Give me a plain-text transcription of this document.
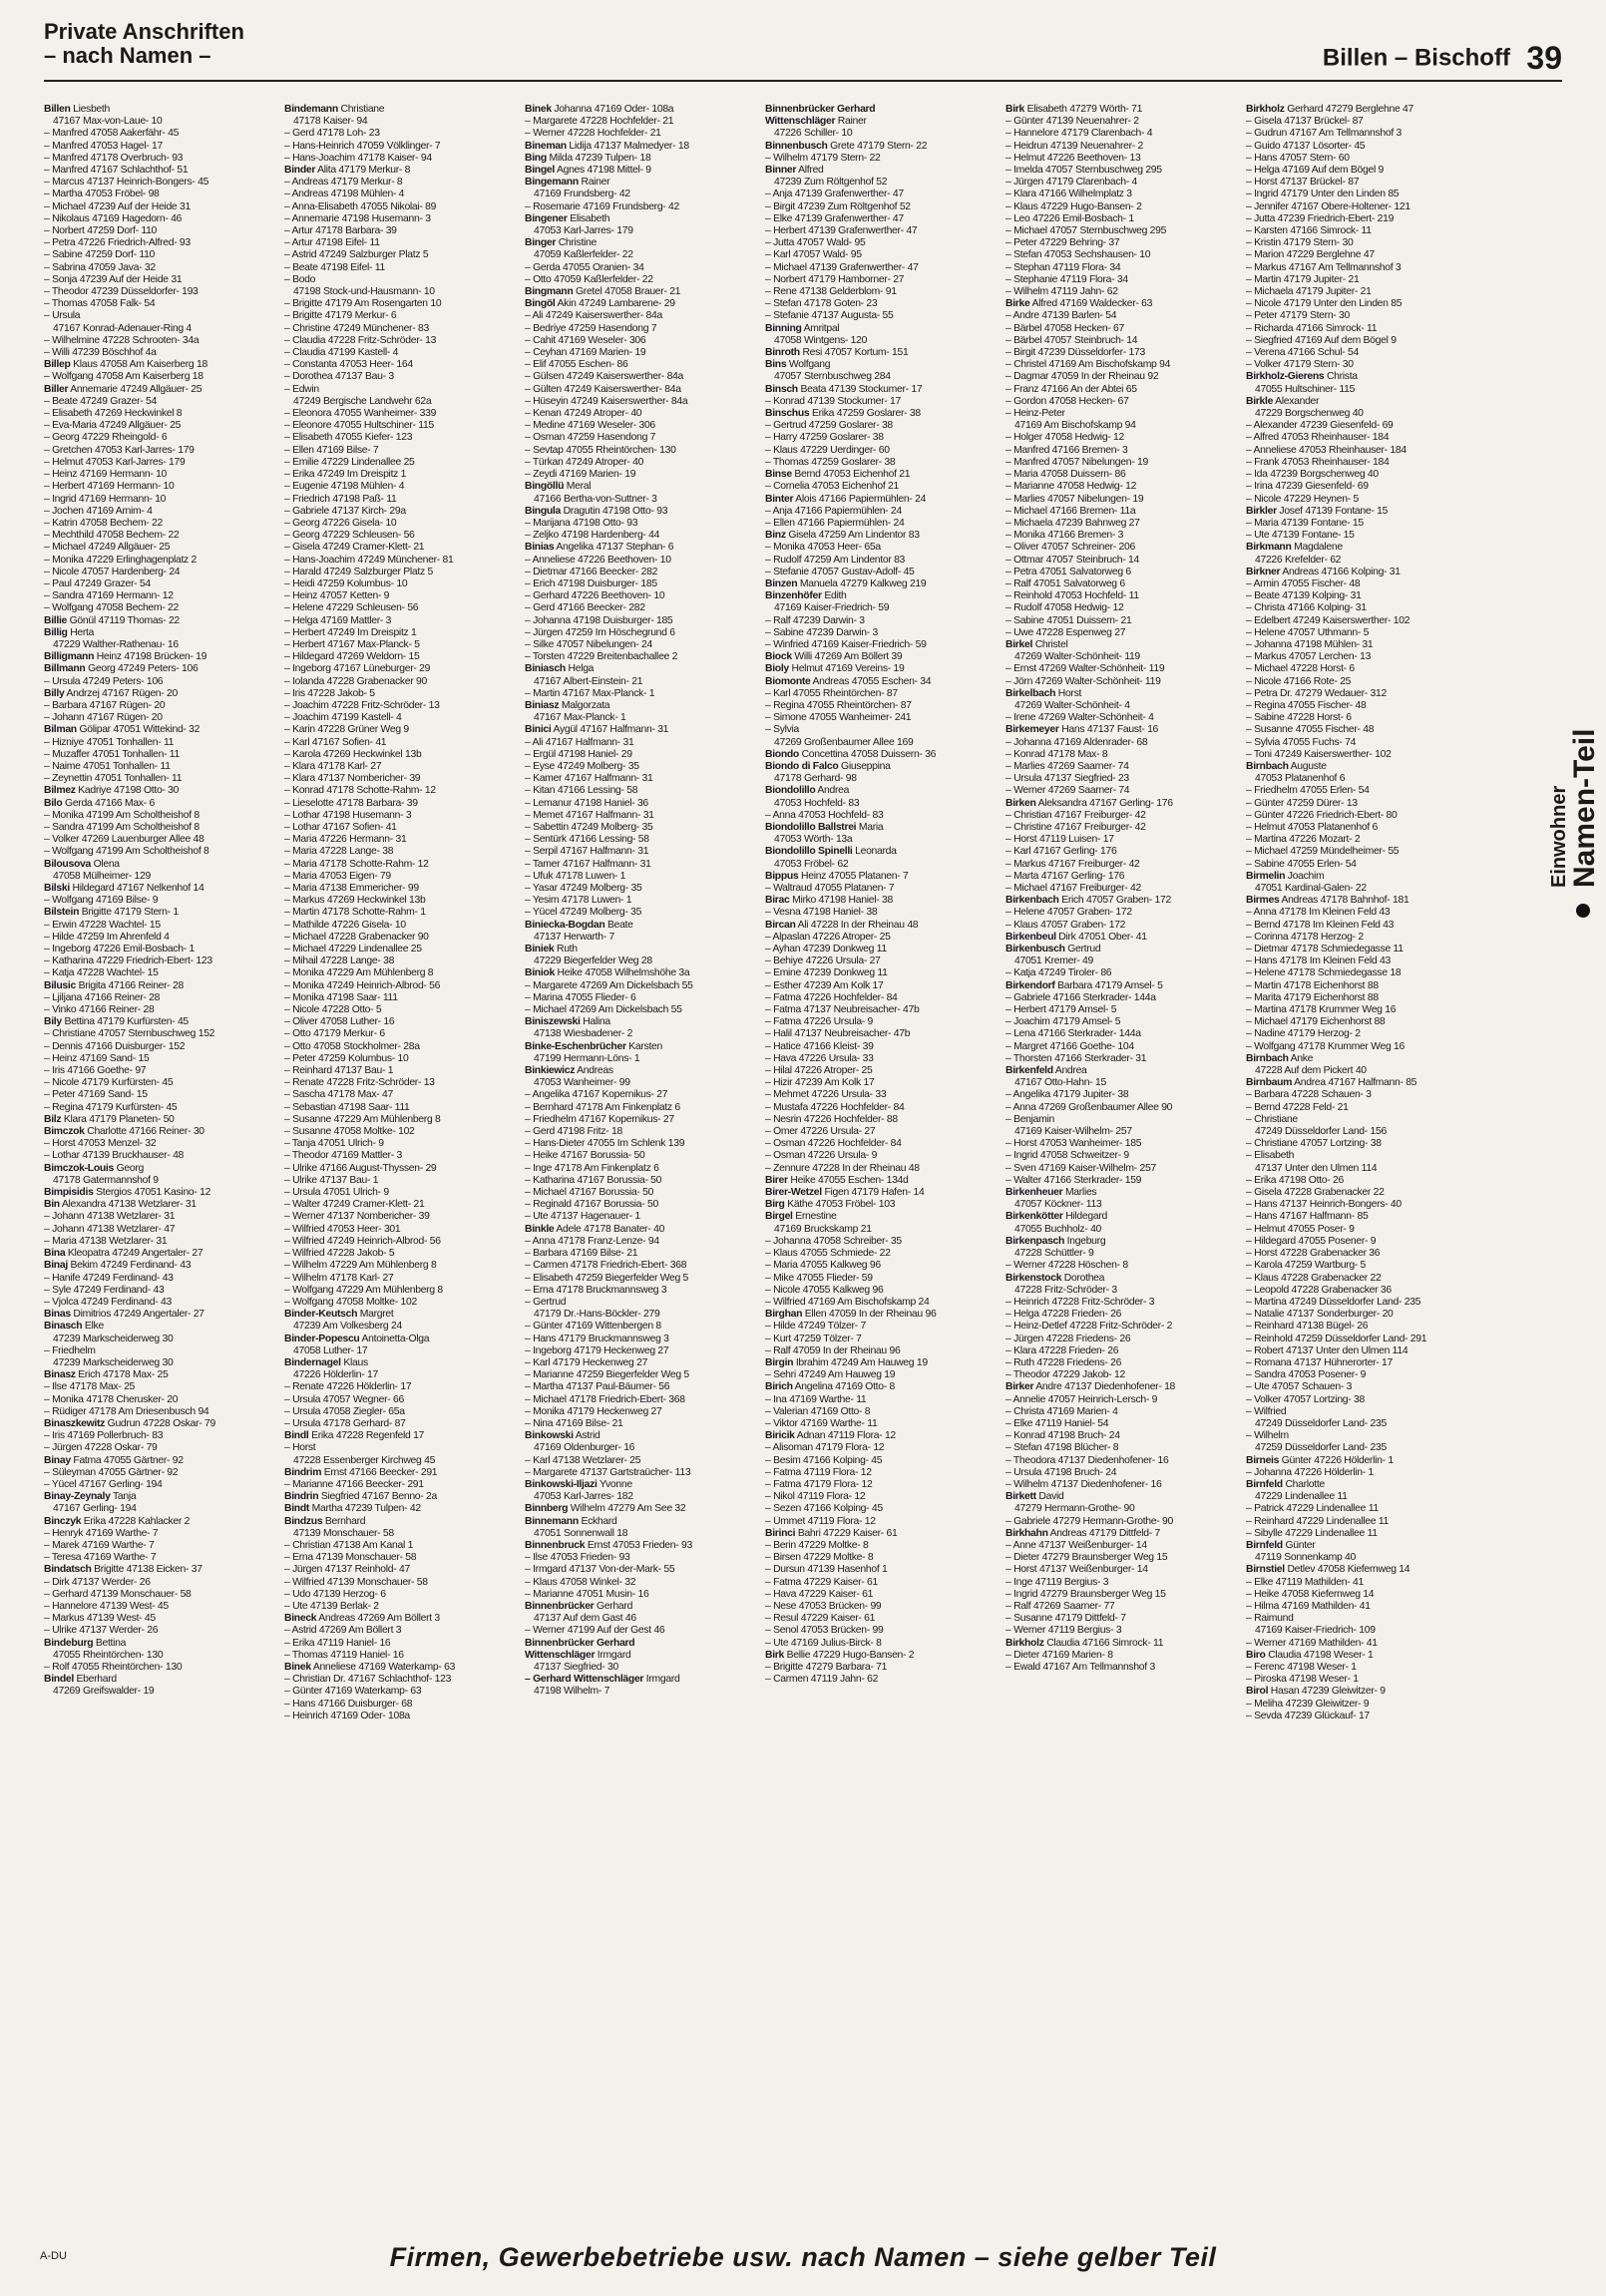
Private Anschriften
– nach Namen –	Billen – Bischoff 39
Billen Liesbeth
47167 Max-von-Laue- 10
– Manfred 47058 Aakerfähr- 45
– Manfred 47053 Hagel- 17
– Manfred 47178 Overbruch- 93
– Manfred 47167 Schlachthof- 51
– Marcus 47137 Heinrich-Bongers- 45
– Martha 47053 Fröbel- 98
– Michael 47239 Auf der Heide 31
– Nikolaus 47169 Hagedorn- 46
– Norbert 47259 Dorf- 110
– Petra 47226 Friedrich-Alfred- 93
– Sabine 47259 Dorf- 110
– Sabrina 47059 Java- 32
– Sonja 47239 Auf der Heide 31
– Theodor 47239 Düsseldorfer- 193
– Thomas 47058 Falk- 54
– Ursula
47167 Konrad-Adenauer-Ring 4
– Wilhelmine 47228 Schrooten- 34a
– Willi 47239 Böschhof 4a
Billep Klaus 47058 Am Kaiserberg 18
– Wolfgang 47058 Am Kaiserberg 18
Biller Annemarie 47249 Allgäuer- 25
– Beate 47249 Grazer- 54
– Elisabeth 47269 Heckwinkel 8
– Eva-Maria 47249 Allgäuer- 25
– Georg 47229 Rheingold- 6
– Gretchen 47053 Karl-Jarres- 179
– Helmut 47053 Karl-Jarres- 179
– Heinz 47169 Hermann- 10
– Herbert 47169 Hermann- 10
– Ingrid 47169 Hermann- 10
– Jochen 47169 Arnim- 4
– Katrin 47058 Bechem- 22
– Mechthild 47058 Bechem- 22
– Michael 47249 Allgäuer- 25
– Monika 47229 Erlinghagenplatz 2
– Nicole 47057 Hardenberg- 24
– Paul 47249 Grazer- 54
– Sandra 47169 Hermann- 12
– Wolfgang 47058 Bechem- 22
Billie Gönül 47119 Thomas- 22
Billig Herta
47229 Walther-Rathenau- 16
Billigmann Heinz 47198 Brücken- 19
Billmann Georg 47249 Peters- 106
– Ursula 47249 Peters- 106
Billy Andrzej 47167 Rügen- 20
– Barbara 47167 Rügen- 20
– Johann 47167 Rügen- 20
Bilman Gölipar 47051 Wittekind- 32
– Hizniye 47051 Tonhallen- 11
– Muzaffer 47051 Tonhallen- 11
– Naime 47051 Tonhallen- 11
– Zeynettin 47051 Tonhallen- 11
Bilmez Kadriye 47198 Otto- 30
Bilo Gerda 47166 Max- 6
– Monika 47199 Am Scholtheishof 8
– Sandra 47199 Am Scholtheishof 8
– Volker 47269 Lauenburger Allee 48
– Wolfgang 47199 Am Scholtheishof 8
Bilousova Olena
47058 Mülheimer- 129
Bilski Hildegard 47167 Nelkenhof 14
– Wolfgang 47169 Bilse- 9
Bilstein Brigitte 47179 Stern- 1
– Erwin 47228 Wachtel- 15
– Hilde 47259 Im Ahrenfeld 4
– Ingeborg 47226 Emil-Bosbach- 1
– Katharina 47229 Friedrich-Ebert- 123
– Katja 47228 Wachtel- 15
Bilusic Brigita 47166 Reiner- 28
– Ljiljana 47166 Reiner- 28
– Vinko 47166 Reiner- 28
Bily Bettina 47179 Kurfürsten- 45
– Christiane 47057 Sternbuschweg 152
– Dennis 47166 Duisburger- 152
– Heinz 47169 Sand- 15
– Iris 47166 Goethe- 97
– Nicole 47179 Kurfürsten- 45
– Peter 47169 Sand- 15
– Regina 47179 Kurfürsten- 45
Bilz Klara 47179 Planeten- 50
Bimczok Charlotte 47166 Reiner- 30
– Horst 47053 Menzel- 32
– Lothar 47139 Bruckhauser- 48
Bimczok-Louis Georg
47178 Gatermannshof 9
Bimpisidis Stergios 47051 Kasino- 12
Bin Alexandra 47138 Wetzlarer- 31
– Johann 47138 Wetzlarer- 31
– Johann 47138 Wetzlarer- 47
– Maria 47138 Wetzlarer- 31
Bina Kleopatra 47249 Angertaler- 27
Binaj Bekim 47249 Ferdinand- 43
– Hanife 47249 Ferdinand- 43
– Syle 47249 Ferdinand- 43
– Vjolca 47249 Ferdinand- 43
Binas Dimitrios 47249 Angertaler- 27
Binasch Elke
47239 Markscheiderweg 30
– Friedhelm
47239 Markscheiderweg 30
Binasz Erich 47178 Max- 25
– Ilse 47178 Max- 25
– Monika 47178 Cherusker- 20
– Rüdiger 47178 Am Driesenbusch 94
Binaszkewitz Gudrun 47228 Oskar- 79
– Iris 47169 Pollerbruch- 83
– Jürgen 47228 Oskar- 79
Binay Fatma 47055 Gärtner- 92
– Süleyman 47055 Gärtner- 92
– Yücel 47167 Gerling- 194
Binay-Zeynaly Tanja
47167 Gerling- 194
Binczyk Erika 47228 Kahlacker 2
– Henryk 47169 Warthe- 7
– Marek 47169 Warthe- 7
– Teresa 47169 Warthe- 7
Bindatsch Brigitte 47138 Eicken- 37
– Dirk 47137 Werder- 26
– Gerhard 47139 Monschauer- 58
– Hannelore 47139 West- 45
– Markus 47139 West- 45
– Ulrike 47137 Werder- 26
Bindeburg Bettina
47055 Rheintörchen- 130
– Rolf 47055 Rheintörchen- 130
Bindel Eberhard
47269 Greifswalder- 19
Bindemann Christiane
47178 Kaiser- 94
– Gerd 47178 Loh- 23
– Hans-Heinrich 47059 Völklinger- 7
– Hans-Joachim 47178 Kaiser- 94
Binder Alita 47179 Merkur- 8
– Andreas 47179 Merkur- 8
– Andreas 47198 Mühlen- 4
– Anna-Elisabeth 47055 Nikolai- 89
– Annemarie 47198 Husemann- 3
– Artur 47178 Barbara- 39
– Artur 47198 Eifel- 11
– Astrid 47249 Salzburger Platz 5
– Beate 47198 Eifel- 11
– Bodo
47198 Stock-und-Hausmann- 10
– Brigitte 47179 Am Rosengarten 10
– Brigitte 47179 Merkur- 6
– Christine 47249 Münchener- 83
– Claudia 47228 Fritz-Schröder- 13
– Claudia 47199 Kastell- 4
– Constanta 47053 Heer- 164
– Dorothea 47137 Bau- 3
– Edwin
47249 Bergische Landwehr 62a
– Eleonora 47055 Wanheimer- 339
– Eleonore 47055 Hultschiner- 115
– Elisabeth 47055 Kiefer- 123
– Ellen 47169 Bilse- 7
– Emilie 47229 Lindenallee 25
– Erika 47249 Im Dreispitz 1
– Eugenie 47198 Mühlen- 4
– Friedrich 47198 Paß- 11
– Gabriele 47137 Kirch- 29a
– Georg 47226 Gisela- 10
– Georg 47229 Schleusen- 56
– Gisela 47249 Cramer-Klett- 21
– Hans-Joachim 47249 Münchener- 81
– Harald 47249 Salzburger Platz 5
– Heidi 47259 Kolumbus- 10
– Heinz 47057 Ketten- 9
– Helene 47229 Schleusen- 56
– Helga 47169 Mattler- 3
– Herbert 47249 Im Dreispitz 1
– Herbert 47167 Max-Planck- 5
– Hildegard 47269 Weldorn- 15
– Ingeborg 47167 Lüneburger- 29
– Iolanda 47228 Grabenacker 90
– Iris 47228 Jakob- 5
– Joachim 47228 Fritz-Schröder- 13
– Joachim 47199 Kastell- 4
– Karin 47228 Grüner Weg 9
– Karl 47167 Sofien- 41
– Karola 47269 Heckwinkel 13b
– Klara 47178 Karl- 27
– Klara 47137 Nombericher- 39
– Konrad 47178 Schotte-Rahm- 12
– Lieselotte 47178 Barbara- 39
– Lothar 47198 Husemann- 3
– Lothar 47167 Sofien- 41
– Maria 47226 Hermann- 31
– Maria 47228 Lange- 38
– Maria 47178 Schotte-Rahm- 12
– Maria 47053 Eigen- 79
– Maria 47138 Emmericher- 99
– Markus 47269 Heckwinkel 13b
– Martin 47178 Schotte-Rahm- 1
– Mathilde 47226 Gisela- 10
– Michael 47228 Grabenacker 90
– Michael 47229 Lindenallee 25
– Mihail 47228 Lange- 38
– Monika 47229 Am Mühlenberg 8
– Monika 47249 Heinrich-Albrod- 56
– Monika 47198 Saar- 111
– Nicole 47228 Otto- 5
– Oliver 47058 Luther- 16
– Otto 47179 Merkur- 6
– Otto 47058 Stockholmer- 28a
– Peter 47259 Kolumbus- 10
– Reinhard 47137 Bau- 1
– Renate 47228 Fritz-Schröder- 13
– Sascha 47178 Max- 47
– Sebastian 47198 Saar- 111
– Susanne 47229 Am Mühlenberg 8
– Susanne 47058 Moltke- 102
– Tanja 47051 Ulrich- 9
– Theodor 47169 Mattler- 3
– Ulrike 47166 August-Thyssen- 29
– Ulrike 47137 Bau- 1
– Ursula 47051 Ulrich- 9
– Walter 47249 Cramer-Klett- 21
– Werner 47137 Nombericher- 39
– Wilfried 47053 Heer- 301
– Wilfried 47249 Heinrich-Albrod- 56
– Wilfried 47228 Jakob- 5
– Wilhelm 47229 Am Mühlenberg 8
– Wilhelm 47178 Karl- 27
– Wolfgang 47229 Am Mühlenberg 8
– Wolfgang 47058 Moltke- 102
Binder-Keutsch Margret
47239 Am Volkesberg 24
Binder-Popescu Antoinetta-Olga
47058 Luther- 17
Bindernagel Klaus
47226 Hölderlin- 17
– Renate 47226 Hölderlin- 17
– Ursula 47057 Wegner- 66
– Ursula 47058 Ziegler- 65a
– Ursula 47178 Gerhard- 87
Bindl Erika 47228 Regenfeld 17
– Horst
47228 Essenberger Kirchweg 45
Bindrim Ernst 47166 Beecker- 291
– Marianne 47166 Beecker- 291
Bindrin Siegfried 47167 Benno- 2a
Bindt Martha 47239 Tulpen- 42
Bindzus Bernhard
47139 Monschauer- 58
– Christian 47138 Am Kanal 1
– Erna 47139 Monschauer- 58
– Jürgen 47137 Reinhold- 47
– Wilfried 47139 Monschauer- 58
– Udo 47139 Herzog- 6
– Ute 47139 Berlak- 2
Bineck Andreas 47269 Am Böllert 3
– Astrid 47269 Am Böllert 3
– Erika 47119 Haniel- 16
– Thomas 47119 Haniel- 16
Binek Anneliese 47169 Waterkamp- 63
– Christian Dr. 47167 Schlachthof- 123
– Günter 47169 Waterkamp- 63
– Hans 47166 Duisburger- 68
– Heinrich 47169 Oder- 108a
Binek Johanna 47169 Oder- 108a
– Margarete 47228 Hochfelder- 21
– Werner 47228 Hochfelder- 21
Bineman Lidija 47137 Malmedyer- 18
Bing Milda 47239 Tulpen- 18
Bingel Agnes 47198 Mittel- 9
Bingemann Rainer
47169 Frundsberg- 42
– Rosemarie 47169 Frundsberg- 42
Bingener Elisabeth
47053 Karl-Jarres- 179
Binger Christine
47059 Kaßlerfelder- 22
– Gerda 47055 Oranien- 34
– Otto 47059 Kaßlerfelder- 22
Bingmann Gretel 47058 Brauer- 21
Bingöl Akin 47249 Lambarene- 29
– Ali 47249 Kaiserswerther- 84a
– Bedriye 47259 Hasendong 7
– Cahit 47169 Weseler- 306
– Ceyhan 47169 Marien- 19
– Elif 47055 Eschen- 86
– Gülsen 47249 Kaiserswerther- 84a
– Gülten 47249 Kaiserswerther- 84a
– Hüseyin 47249 Kaiserswerther- 84a
– Kenan 47249 Atroper- 40
– Medine 47169 Weseler- 306
– Osman 47259 Hasendong 7
– Sevtap 47055 Rheintörchen- 130
– Türkan 47249 Atroper- 40
– Zeydi 47169 Marien- 19
Bingöllü Meral
47166 Bertha-von-Suttner- 3
Bingula Dragutin 47198 Otto- 93
– Marijana 47198 Otto- 93
– Zeljko 47198 Hardenberg- 44
Binias Angelika 47137 Stephan- 6
– Anneliese 47226 Beethoven- 10
– Dietmar 47166 Beecker- 282
– Erich 47198 Duisburger- 185
– Gerhard 47226 Beethoven- 10
– Gerd 47166 Beecker- 282
– Johanna 47198 Duisburger- 185
– Jürgen 47259 Im Höschegrund 6
– Silke 47057 Nibelungen- 24
– Torsten 47229 Breitenbachallee 2
Biniasch Helga
47167 Albert-Einstein- 21
– Martin 47167 Max-Planck- 1
Biniasz Malgorzata
47167 Max-Planck- 1
Binici Aygül 47167 Halfmann- 31
– Ali 47167 Halfmann- 31
– Ergül 47198 Haniel- 29
– Eyse 47249 Molberg- 35
– Kamer 47167 Halfmann- 31
– Kitan 47166 Lessing- 58
– Lemanur 47198 Haniel- 36
– Memet 47167 Halfmann- 31
– Sabettin 47249 Molberg- 35
– Sentürk 47166 Lessing- 58
– Serpil 47167 Halfmann- 31
– Tamer 47167 Halfmann- 31
– Ufuk 47178 Luwen- 1
– Yasar 47249 Molberg- 35
– Yesim 47178 Luwen- 1
– Yücel 47249 Molberg- 35
Biniecka-Bogdan Beate
47137 Herwarth- 7
Biniek Ruth
47229 Biegerfelder Weg 28
Biniok Heike 47058 Wilhelmshöhe 3a
– Margarete 47269 Am Dickelsbach 55
– Marina 47055 Flieder- 6
– Michael 47269 Am Dickelsbach 55
Biniszewski Halina
47138 Wiesbadener- 2
Binke-Eschenbrücher Karsten
47199 Hermann-Löns- 1
Binkiewicz Andreas
47053 Wanheimer- 99
– Angelika 47167 Kopernikus- 27
– Bernhard 47178 Am Finkenplatz 6
– Friedhelm 47167 Kopernikus- 27
– Gerd 47198 Fritz- 18
– Hans-Dieter 47055 Im Schlenk 139
– Heike 47167 Borussia- 50
– Inge 47178 Am Finkenplatz 6
– Katharina 47167 Borussia- 50
– Michael 47167 Borussia- 50
– Reginald 47167 Borussia- 50
– Ute 47137 Hagenauer- 1
Binkle Adele 47178 Banater- 40
– Anna 47178 Franz-Lenze- 94
– Barbara 47169 Bilse- 21
– Carmen 47178 Friedrich-Ebert- 368
– Elisabeth 47259 Biegerfelder Weg 5
– Erna 47178 Bruckmannsweg 3
– Gertrud
47179 Dr.-Hans-Böckler- 279
– Günter 47169 Wittenbergen 8
– Hans 47179 Bruckmannsweg 3
– Ingeborg 47179 Heckenweg 27
– Karl 47179 Heckenweg 27
– Marianne 47259 Biegerfelder Weg 5
– Martha 47137 Paul-Bäumer- 56
– Michael 47178 Friedrich-Ebert- 368
– Monika 47179 Heckenweg 27
– Nina 47169 Bilse- 21
Binkowski Astrid
47169 Oldenburger- 16
– Karl 47138 Wetzlarer- 25
– Margarete 47137 Gartstraücher- 113
Binkowski-Iljazi Yvonne
47053 Karl-Jarres- 182
Binnberg Wilhelm 47279 Am See 32
Binnemann Eckhard
47051 Sonnenwall 18
Binnenbruck Ernst 47053 Frieden- 93
– Ilse 47053 Frieden- 93
– Irmgard 47137 Von-der-Mark- 55
– Klaus 47058 Winkel- 32
– Marianne 47051 Musin- 16
Binnenbrücker Gerhard
47137 Auf dem Gast 46
– Werner 47199 Auf der Gest 46
Binnenbrücker Gerhard
Wittenschläger Irmgard
47137 Siegfried- 30
– Gerhard Wittenschläger Irmgard
47198 Wilhelm- 7
Binnenbrücker Gerhard
Wittenschläger Rainer
47226 Schiller- 10
Binnenbusch Grete 47179 Stern- 22
– Wilhelm 47179 Stern- 22
Binner Alfred
47239 Zum Röltgenhof 52
– Anja 47139 Grafenwerther- 47
– Birgit 47239 Zum Röltgenhof 52
– Elke 47139 Grafenwerther- 47
– Herbert 47139 Grafenwerther- 47
– Jutta 47057 Wald- 95
– Karl 47057 Wald- 95
– Michael 47139 Grafenwerther- 47
– Norbert 47179 Hamborner- 27
– Rene 47138 Gelderblom- 91
– Stefan 47178 Goten- 23
– Stefanie 47137 Augusta- 55
Binning Amritpal
47058 Wintgens- 120
Binroth Resi 47057 Kortum- 151
Bins Wolfgang
47057 Sternbuschweg 284
Binsch Beata 47139 Stockumer- 17
– Konrad 47139 Stockumer- 17
Binschus Erika 47259 Goslarer- 38
– Gertrud 47259 Goslarer- 38
– Harry 47259 Goslarer- 38
– Klaus 47229 Uerdinger- 60
– Thomas 47259 Goslarer- 38
Binse Bernd 47053 Eichenhof 21
– Cornelia 47053 Eichenhof 21
Binter Alois 47166 Papiermühlen- 24
– Anja 47166 Papiermühlen- 24
– Ellen 47166 Papiermühlen- 24
Binz Gisela 47259 Am Lindentor 83
– Monika 47053 Heer- 65a
– Rudolf 47259 Am Lindentor 83
– Stefanie 47057 Gustav-Adolf- 45
Binzen Manuela 47279 Kalkweg 219
Binzenhöfer Edith
47169 Kaiser-Friedrich- 59
– Ralf 47239 Darwin- 3
– Sabine 47239 Darwin- 3
– Winfried 47169 Kaiser-Friedrich- 59
Biock Willi 47269 Am Böllert 39
Bioly Helmut 47169 Vereins- 19
Biomonte Andreas 47055 Eschen- 34
– Karl 47055 Rheintörchen- 87
– Regina 47055 Rheintörchen- 87
– Simone 47055 Wanheimer- 241
– Sylvia
47269 Großenbaumer Allee 169
Biondo Concettina 47058 Duissern- 36
Biondo di Falco Giuseppina
47178 Gerhard- 98
Biondolillo Andrea
47053 Hochfeld- 83
– Anna 47053 Hochfeld- 83
Biondolillo Ballstrei Maria
47053 Wörth- 13a
Biondolillo Spinelli Leonarda
47053 Fröbel- 62
Bippus Heinz 47055 Platanen- 7
– Waltraud 47055 Platanen- 7
Birac Mirko 47198 Haniel- 38
– Vesna 47198 Haniel- 38
Bircan Ali 47228 In der Rheinau 48
– Alpaslan 47226 Atroper- 25
– Ayhan 47239 Donkweg 11
– Behiye 47226 Ursula- 27
– Emine 47239 Donkweg 11
– Esther 47239 Am Kolk 17
– Fatma 47226 Hochfelder- 84
– Fatma 47137 Neubreisacher- 47b
– Fatma 47226 Ursula- 9
– Halil 47137 Neubreisacher- 47b
– Hatice 47166 Kleist- 39
– Hava 47226 Ursula- 33
– Hilal 47226 Atroper- 25
– Hizir 47239 Am Kolk 17
– Mehmet 47226 Ursula- 33
– Mustafa 47226 Hochfelder- 84
– Nesrin 47226 Hochfelder- 88
– Ömer 47226 Ursula- 27
– Osman 47226 Hochfelder- 84
– Osman 47226 Ursula- 9
– Zennure 47228 In der Rheinau 48
Birer Heike 47055 Eschen- 134d
Birer-Wetzel Figen 47179 Hafen- 14
Birg Käthe 47053 Fröbel- 103
Birgel Ernestine
47169 Bruckskamp 21
– Johanna 47058 Schreiber- 35
– Klaus 47055 Schmiede- 22
– Maria 47055 Kalkweg 96
– Mike 47055 Flieder- 59
– Nicole 47055 Kalkweg 96
– Wilfried 47169 Am Bischofskamp 24
Birghan Ellen 47059 In der Rheinau 96
– Hilde 47249 Tölzer- 7
– Kurt 47259 Tölzer- 7
– Ralf 47059 In der Rheinau 96
Birgin Ibrahim 47249 Am Hauweg 19
– Sehri 47249 Am Hauweg 19
Birich Angelina 47169 Otto- 8
– Ina 47169 Warthe- 11
– Valerian 47169 Otto- 8
– Viktor 47169 Warthe- 11
Biricik Adnan 47119 Flora- 12
– Alisoman 47179 Flora- 12
– Besim 47166 Kolping- 45
– Fatma 47119 Flora- 12
– Fatma 47179 Flora- 12
– Nikol 47119 Flora- 12
– Sezen 47166 Kolping- 45
– Ümmet 47119 Flora- 12
Birinci Bahri 47229 Kaiser- 61
– Berin 47229 Moltke- 8
– Birsen 47229 Moltke- 8
– Dursun 47139 Hasenhof 1
– Fatma 47229 Kaiser- 61
– Hava 47229 Kaiser- 61
– Nese 47053 Brücken- 99
– Resul 47229 Kaiser- 61
– Senol 47053 Brücken- 99
– Ute 47169 Julius-Birck- 8
Birk Bellie 47229 Hugo-Bansen- 2
– Brigitte 47279 Barbara- 71
– Carmen 47119 Jahn- 62
Birk Elisabeth 47279 Wörth- 71
– Günter 47139 Neuenahrer- 2
– Hannelore 47179 Clarenbach- 4
– Heidrun 47139 Neuenahrer- 2
– Helmut 47226 Beethoven- 13
– Imelda 47057 Sternbuschweg 295
– Jürgen 47179 Clarenbach- 4
– Klara 47166 Wilhelmplatz 3
– Klaus 47229 Hugo-Bansen- 2
– Leo 47226 Emil-Bosbach- 1
– Michael 47057 Sternbuschweg 295
– Peter 47229 Behring- 37
– Stefan 47053 Sechshausen- 10
– Stephan 47119 Flora- 34
– Stephanie 47119 Flora- 34
– Wilhelm 47119 Jahn- 62
Birke Alfred 47169 Waldecker- 63
– Andre 47139 Barlen- 54
– Bärbel 47058 Hecken- 67
– Bärbel 47057 Steinbruch- 14
– Birgit 47239 Düsseldorfer- 173
– Christel 47169 Am Bischofskamp 94
– Dagmar 47059 In der Rheinau 92
– Franz 47166 An der Abtei 65
– Gordon 47058 Hecken- 67
– Heinz-Peter
47169 Am Bischofskamp 94
– Holger 47058 Hedwig- 12
– Manfred 47166 Bremen- 3
– Manfred 47057 Nibelungen- 19
– Maria 47058 Duissern- 86
– Marianne 47058 Hedwig- 12
– Marlies 47057 Nibelungen- 19
– Michael 47166 Bremen- 11a
– Michaela 47239 Bahnweg 27
– Monika 47166 Bremen- 3
– Oliver 47057 Schreiner- 206
– Ottmar 47057 Steinbruch- 14
– Petra 47051 Salvatorweg 6
– Ralf 47051 Salvatorweg 6
– Reinhold 47053 Hochfeld- 11
– Rudolf 47058 Hedwig- 12
– Sabine 47051 Duissern- 21
– Uwe 47228 Espenweg 27
Birkel Christel
47269 Walter-Schönheit- 119
– Ernst 47269 Walter-Schönheit- 119
– Jörn 47269 Walter-Schönheit- 119
Birkelbach Horst
47269 Walter-Schönheit- 4
– Irene 47269 Walter-Schönheit- 4
Birkemeyer Hans 47137 Faust- 16
– Johanna 47169 Aldenrader- 68
– Konrad 47178 Max- 8
– Marlies 47269 Saarner- 74
– Ursula 47137 Siegfried- 23
– Werner 47269 Saarner- 74
Birken Aleksandra 47167 Gerling- 176
– Christian 47167 Freiburger- 42
– Christine 47167 Freiburger- 42
– Horst 47119 Luisen- 17
– Karl 47167 Gerling- 176
– Markus 47167 Freiburger- 42
– Marta 47167 Gerling- 176
– Michael 47167 Freiburger- 42
Birkenbach Erich 47057 Graben- 172
– Helene 47057 Graben- 172
– Klaus 47057 Graben- 172
Birkenbeul Dirk 47051 Ober- 41
Birkenbusch Gertrud
47051 Kremer- 49
– Katja 47249 Tiroler- 86
Birkendorf Barbara 47179 Amsel- 5
– Gabriele 47166 Sterkrader- 144a
– Herbert 47179 Amsel- 5
– Joachim 47179 Amsel- 5
– Lena 47166 Sterkrader- 144a
– Margret 47166 Goethe- 104
– Thorsten 47166 Sterkrader- 31
Birkenfeld Andrea
47167 Otto-Hahn- 15
– Angelika 47179 Jupiter- 38
– Anna 47269 Großenbaumer Allee 90
– Benjamin
47169 Kaiser-Wilhelm- 257
– Horst 47053 Wanheimer- 185
– Ingrid 47058 Schweitzer- 9
– Sven 47169 Kaiser-Wilhelm- 257
– Walter 47166 Sterkrader- 159
Birkenheuer Marlies
47057 Köckner- 113
Birkenkötter Hildegard
47055 Buchholz- 40
Birkenpasch Ingeburg
47228 Schüttler- 9
– Werner 47228 Höschen- 8
Birkenstock Dorothea
47228 Fritz-Schröder- 3
– Heinrich 47228 Fritz-Schröder- 3
– Helga 47228 Frieden- 26
– Heinz-Detlef 47228 Fritz-Schröder- 2
– Jürgen 47228 Friedens- 26
– Klara 47228 Frieden- 26
– Ruth 47228 Friedens- 26
– Theodor 47229 Jakob- 12
Birker Andre 47137 Diedenhofener- 18
– Annelie 47057 Heinrich-Lersch- 9
– Christa 47169 Marien- 4
– Elke 47119 Haniel- 54
– Konrad 47198 Bruch- 24
– Stefan 47198 Blücher- 8
– Theodora 47137 Diedenhofener- 16
– Ursula 47198 Bruch- 24
– Wilhelm 47137 Diedenhofener- 16
Birkett David
47279 Hermann-Grothe- 90
– Gabriele 47279 Hermann-Grothe- 90
Birkhahn Andreas 47179 Dittfeld- 7
– Anne 47137 Weißenburger- 14
– Dieter 47279 Braunsberger Weg 15
– Horst 47137 Weißenburger- 14
– Inge 47119 Bergius- 3
– Ingrid 47279 Braunsberger Weg 15
– Ralf 47269 Saarner- 77
– Susanne 47179 Dittfeld- 7
– Werner 47119 Bergius- 3
Birkholz Claudia 47166 Simrock- 11
– Dieter 47169 Marien- 8
– Ewald 47167 Am Tellmannshof 3
Birkholz Gerhard 47279 Berglehne 47
– Gisela 47137 Brückel- 87
– Gudrun 47167 Am Tellmannshof 3
– Guido 47137 Lösorter- 45
– Hans 47057 Stern- 60
– Helga 47169 Auf dem Bögel 9
– Horst 47137 Brückel- 87
– Ingrid 47179 Unter den Linden 85
– Jennifer 47167 Obere-Holtener- 121
– Jutta 47239 Friedrich-Ebert- 219
– Karsten 47166 Simrock- 11
– Kristin 47179 Stern- 30
– Marion 47229 Berglehne 47
– Markus 47167 Am Tellmannshof 3
– Martin 47179 Jupiter- 21
– Michaela 47179 Jupiter- 21
– Nicole 47179 Unter den Linden 85
– Peter 47179 Stern- 30
– Richarda 47166 Simrock- 11
– Siegfried 47169 Auf dem Bögel 9
– Verena 47166 Schul- 54
– Volker 47179 Stern- 30
Birkholz-Gierens Christa
47055 Hultschiner- 115
Birkle Alexander
47229 Borgschenweg 40
– Alexander 47239 Giesenfeld- 69
– Alfred 47053 Rheinhauser- 184
– Anneliese 47053 Rheinhauser- 184
– Frank 47053 Rheinhauser- 184
– Ida 47239 Borgschenweg 40
– Irina 47239 Giesenfeld- 69
– Nicole 47229 Heynen- 5
Birkler Josef 47139 Fontane- 15
– Maria 47139 Fontane- 15
– Ute 47139 Fontane- 15
Birkmann Magdalene
47226 Krefelder- 62
Birkner Andreas 47166 Kolping- 31
– Armin 47055 Fischer- 48
– Beate 47139 Kolping- 31
– Christa 47166 Kolping- 31
– Edelbert 47249 Kaiserswerther- 102
– Helene 47057 Uthmann- 5
– Johanna 47198 Mühlen- 31
– Markus 47057 Lerchen- 13
– Michael 47228 Horst- 6
– Nicole 47166 Rote- 25
– Petra Dr. 47279 Wedauer- 312
– Regina 47055 Fischer- 48
– Sabine 47228 Horst- 6
– Susanne 47055 Fischer- 48
– Sylvia 47055 Fuchs- 74
– Toni 47249 Kaiserswerther- 102
Birnbach Auguste
47053 Platanenhof 6
– Friedhelm 47055 Erlen- 54
– Günter 47259 Dürer- 13
– Günter 47226 Friedrich-Ebert- 80
– Helmut 47053 Platanenhof 6
– Martina 47226 Mozart- 2
– Michael 47259 Mündelheimer- 55
– Sabine 47055 Erlen- 54
Birmelin Joachim
47051 Kardinal-Galen- 22
Birmes Andreas 47178 Bahnhof- 181
– Anna 47178 Im Kleinen Feld 43
– Bernd 47178 Im Kleinen Feld 43
– Corinna 47178 Herzog- 2
– Dietmar 47178 Schmiedegasse 11
– Hans 47178 Im Kleinen Feld 43
– Helene 47178 Schmiedegasse 18
– Martin 47178 Eichenhorst 88
– Marita 47179 Eichenhorst 88
– Martina 47178 Krummer Weg 16
– Michael 47179 Eichenhorst 88
– Nadine 47179 Herzog- 2
– Wolfgang 47178 Krummer Weg 16
Birnbach Anke
47228 Auf dem Pickert 40
Birnbaum Andrea 47167 Halfmann- 85
– Barbara 47228 Schauen- 3
– Bernd 47228 Feld- 21
– Christiane
47249 Düsseldorfer Land- 156
– Christiane 47057 Lortzing- 38
– Elisabeth
47137 Unter den Ulmen 114
– Erika 47198 Otto- 26
– Gisela 47228 Grabenacker 22
– Hans 47137 Heinrich-Bongers- 40
– Hans 47167 Halfmann- 85
– Helmut 47055 Poser- 9
– Hildegard 47055 Posener- 9
– Horst 47228 Grabenacker 36
– Karola 47259 Wartburg- 5
– Klaus 47228 Grabenacker 22
– Leopold 47228 Grabenacker 36
– Martina 47249 Düsseldorfer Land- 235
– Natalie 47137 Sonderburger- 20
– Reinhard 47138 Bügel- 26
– Reinhold 47259 Düsseldorfer Land- 291
– Robert 47137 Unter den Ulmen 114
– Romana 47137 Hühnerorter- 17
– Sandra 47053 Posener- 9
– Ute 47057 Schauen- 3
– Volker 47057 Lortzing- 38
– Wilfried
47249 Düsseldorfer Land- 235
– Wilhelm
47259 Düsseldorfer Land- 235
Birneis Günter 47226 Hölderlin- 1
– Johanna 47226 Hölderlin- 1
Birnfeld Charlotte
47229 Lindenallee 11
– Patrick 47229 Lindenallee 11
– Reinhard 47229 Lindenallee 11
– Sibylle 47229 Lindenallee 11
Birnfeld Günter
47119 Sonnenkamp 40
Birnstiel Detlev 47058 Kiefernweg 14
– Elke 47119 Mathilden- 41
– Heike 47058 Kiefernweg 14
– Hilma 47169 Mathilden- 41
– Raimund
47169 Kaiser-Friedrich- 109
– Werner 47169 Mathilden- 41
Biro Claudia 47198 Weser- 1
– Ferenc 47198 Weser- 1
– Piroska 47198 Weser- 1
Birol Hasan 47239 Gleiwitzer- 9
– Meliha 47239 Gleiwitzer- 9
– Sevda 47239 Glückauf- 17
Einwohner
Namen-Teil
A-DU	Firmen, Gewerbebetriebe usw. nach Namen – siehe gelber Teil
